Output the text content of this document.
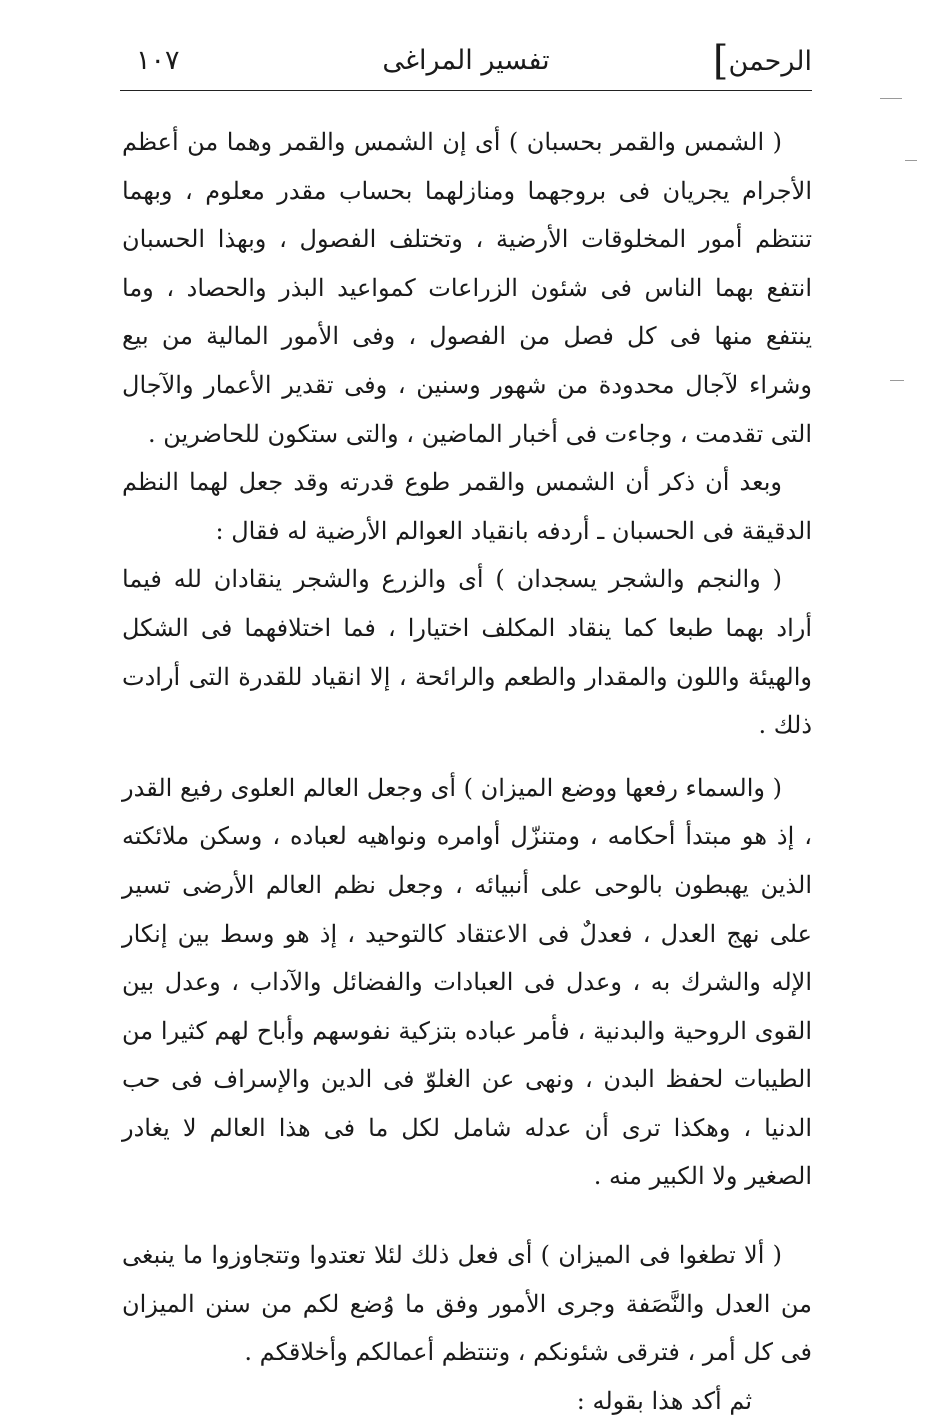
الرحمن]
تفسير المراغى
١٠٧

( الشمس والقمر بحسبان ) أى إن الشمس والقمر وهما من أعظم الأجرام يجريان فى بروجهما ومنازلهما بحساب مقدر معلوم ، وبهما تنتظم أمور المخلوقات الأرضية ، وتختلف الفصول ، وبهذا الحسبان انتفع بهما الناس فى شئون الزراعات كمواعيد البذر والحصاد ، وما ينتفع منها فى كل فصل من الفصول ، وفى الأمور المالية من بيع وشراء لآجال محدودة من شهور وسنين ، وفى تقدير الأعمار والآجال التى تقدمت ، وجاءت فى أخبار الماضين ، والتى ستكون للحاضرين .

وبعد أن ذكر أن الشمس والقمر طوع قدرته وقد جعل لهما النظم الدقيقة فى الحسبان ـ أردفه بانقياد العوالم الأرضية له فقال :

( والنجم والشجر يسجدان ) أى والزرع والشجر ينقادان لله فيما أراد بهما طبعا كما ينقاد المكلف اختيارا ، فما اختلافهما فى الشكل والهيئة واللون والمقدار والطعم والرائحة ، إلا انقياد للقدرة التى أرادت ذلك .

( والسماء رفعها ووضع الميزان ) أى وجعل العالم العلوى رفيع القدر ، إذ هو مبتدأ أحكامه ، ومتنزّل أوامره ونواهيه لعباده ، وسكن ملائكته الذين يهبطون بالوحى على أنبيائه ، وجعل نظم العالم الأرضى تسير على نهج العدل ، فعدلٌ فى الاعتقاد كالتوحيد ، إذ هو وسط بين إنكار الإله والشرك به ، وعدل فى العبادات والفضائل والآداب ، وعدل بين القوى الروحية والبدنية ، فأمر عباده بتزكية نفوسهم وأباح لهم كثيرا من الطيبات لحفظ البدن ، ونهى عن الغلوّ فى الدين والإسراف فى حب الدنيا ، وهكذا ترى أن عدله شامل لكل ما فى هذا العالم لا يغادر الصغير ولا الكبير منه .

( ألا تطغوا فى الميزان ) أى فعل ذلك لئلا تعتدوا وتتجاوزوا ما ينبغى من العدل والنَّصَفة وجرى الأمور وفق ما وُضع لكم من سنن الميزان فى كل أمر ، فترقى شئونكم ، وتنتظم أعمالكم وأخلاقكم .

ثم أكد هذا بقوله :
